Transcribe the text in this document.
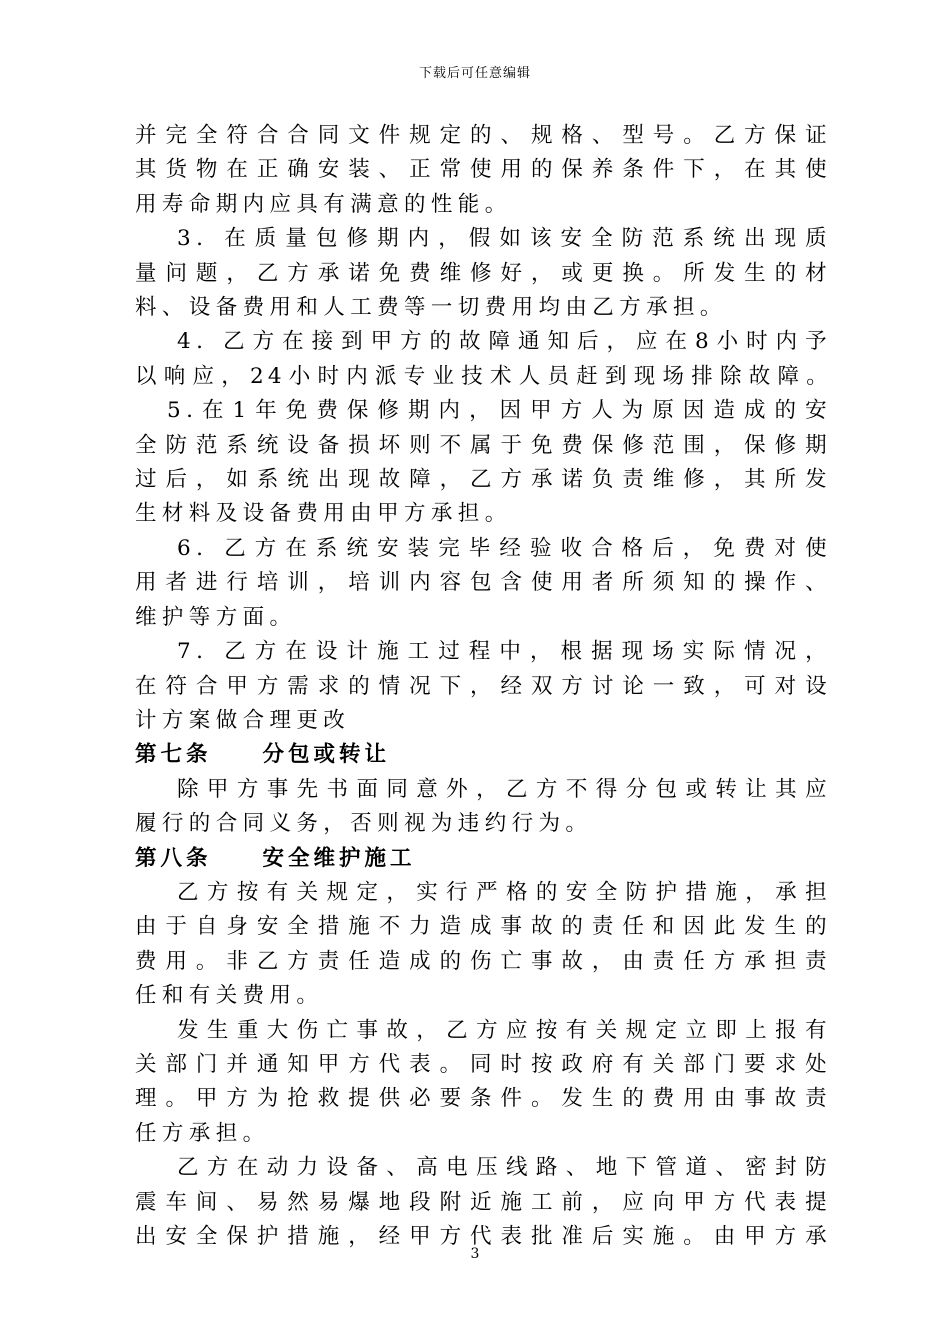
下载后可任意编辑

并完全符合合同文件规定的、规格、型号。乙方保证

其货物在正确安装、正常使用的保养条件下，在其使

用寿命期内应具有满意的性能。

3. 在质量包修期内，假如该安全防范系统出现质

量问题，乙方承诺免费维修好，或更换。所发生的材

料、设备费用和人工费等一切费用均由乙方承担。

4. 乙方在接到甲方的故障通知后，应在8小时内予

以响应，24小时内派专业技术人员赶到现场排除故障。

5.在1年免费保修期内，因甲方人为原因造成的安

全防范系统设备损坏则不属于免费保修范围，保修期

过后，如系统出现故障，乙方承诺负责维修，其所发

生材料及设备费用由甲方承担。

6. 乙方在系统安装完毕经验收合格后，免费对使

用者进行培训，培训内容包含使用者所须知的操作、

维护等方面。

7. 乙方在设计施工过程中，根据现场实际情况，

在符合甲方需求的情况下，经双方讨论一致，可对设

计方案做合理更改

第七条　　分包或转让

除甲方事先书面同意外，乙方不得分包或转让其应

履行的合同义务，否则视为违约行为。

第八条　　安全维护施工

乙方按有关规定，实行严格的安全防护措施，承担

由于自身安全措施不力造成事故的责任和因此发生的

费用。非乙方责任造成的伤亡事故，由责任方承担责

任和有关费用。

发生重大伤亡事故，乙方应按有关规定立即上报有

关部门并通知甲方代表。同时按政府有关部门要求处

理。甲方为抢救提供必要条件。发生的费用由事故责

任方承担。

乙方在动力设备、高电压线路、地下管道、密封防

震车间、易然易爆地段附近施工前，应向甲方代表提

出安全保护措施，经甲方代表批准后实施。由甲方承

3
